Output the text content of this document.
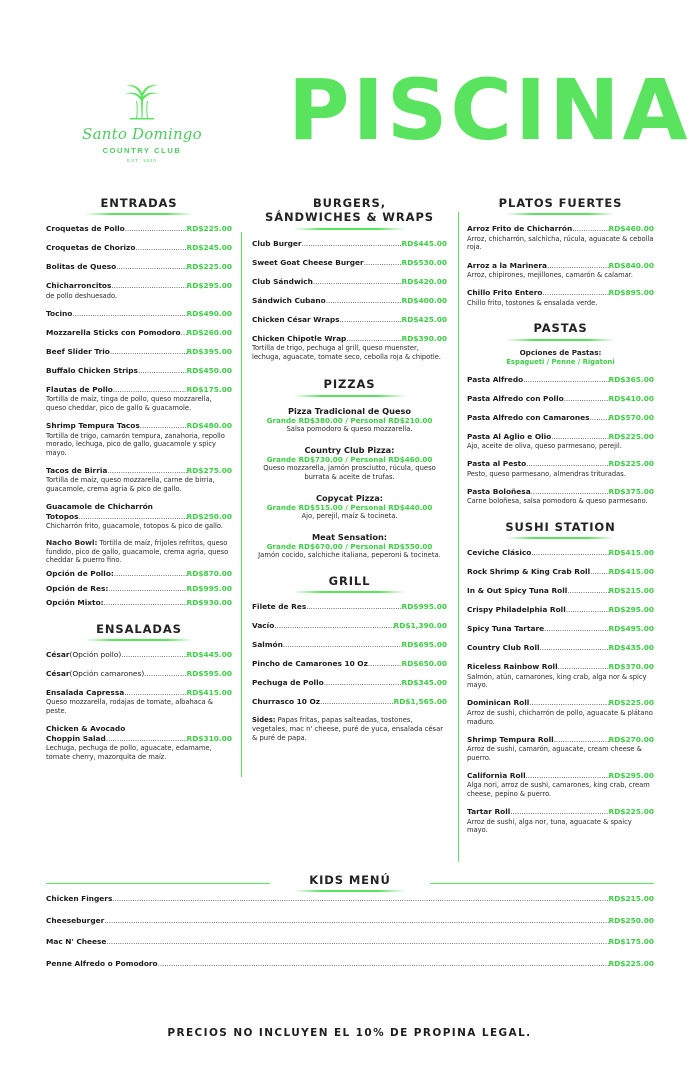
Santo Domingo
COUNTRY CLUB
EST. 1920
PISCINA
ENTRADAS
Croquetas de Pollo .....	RD$225.00
Croquetas de Chorizo .....	RD$245.00
Bolitas de Queso .....	RD$225.00
Chicharroncitos .....	RD$295.00
de pollo deshuesado.
Tocino .....	RD$490.00
Mozzarella Sticks con Pomodoro ..... RD$260.00
Beef Slider Trio .....	RD$395.00
Buffalo Chicken Strips .....	RD$450.00
Flautas de Pollo .....	RD$175.00
Tortilla de maíz, tinga de pollo, queso mozzarella, queso cheddar, pico de gallo & guacamole.
Shrimp Tempura Tacos .....	RD$480.00
Tortilla de trigo, camarón tempura, zanahoria, repollo morado, lechuga, pico de gallo, guacamole y spicy mayo.
Tacos de Birria .....	RD$275.00
Tortilla de maíz, queso mozzarella, carne de birria, guacamole, crema agria & pico de gallo.
Guacamole de Chicharrón
Totopos .....	RD$250.00
Chicharrón frito, guacamole, totopos & pico de gallo.
Nacho Bowl: Tortilla de maíz, frijoles refritos, queso fundido, pico de gallo, guacamole, crema agria, queso cheddar & puerro fino.
Opción de Pollo: .....	RD$870.00
Opción de Res: .....	RD$995.00
Opción Mixto: .....	RD$930.00
ENSALADAS
César (Opción pollo) .....	RD$445.00
César (Opción camarones) .....	RD$595.00
Ensalada Capressa .....	RD$415.00
Queso mozzarella, rodajas de tomate, albahaca & peste.
Chicken & Avocado
Choppin Salad .....	RD$310.00
Lechuga, pechuga de pollo, aguacate, edamame, tomate cherry, mazorquita de maíz.
BURGERS,
SÁNDWICHES & WRAPS
Club Burger .....	RD$445.00
Sweet Goat Cheese Burger .....	RD$530.00
Club Sándwich .....	RD$420.00
Sándwich Cubano .....	RD$400.00
Chicken César Wraps .....	RD$425.00
Chicken Chipotle Wrap .....	RD$390.00
Tortilla de trigo, pechuga al grill, queso muenster, lechuga, aguacate, tomate seco, cebolla roja & chipotle.
PIZZAS
Pizza Tradicional de Queso
Grande RD$380.00 / Personal RD$210.00
Salsa pomodoro & queso mozzarella.
Country Club Pizza:
Grande RD$730.00 / Personal RD$460.00
Queso mozzarella, jamón prosciutto, rúcula, queso burrata & aceite de trufas.
Copycat Pizza:
Grande RD$515.00 / Personal RD$440.00
Ajo, perejil, maíz & tocineta.
Meat Sensation:
Grande RD$670.00 / Personal RD$550.00
Jamón cocido, salchiche italiana, peperoni & tocineta.
GRILL
Filete de Res .....	RD$995.00
Vacío .....	RD$1,390.00
Salmón .....	RD$695.00
Pincho de Camarones 10 Oz .....	RD$650.00
Pechuga de Pollo .....	RD$345.00
Churrasco 10 Oz .....	RD$1,565.00
Sides: Papas fritas, papas salteadas, tostones, vegetales, mac n' cheese, puré de yuca, ensalada césar & puré de papa.
PLATOS FUERTES
Arroz Frito de Chicharrón .....	RD$460.00
Arroz, chicharrón, salchicha, rúcula, aguacate & cebolla roja.
Arroz a la Marinera .....	RD$840.00
Arroz, chipirones, mejillones, camarón & calamar.
Chillo Frito Entero .....	RD$895.00
Chillo frito, tostones & ensalada verde.
PASTAS
Opciones de Pastas:
Espagueti / Penne / Rigatoni
Pasta Alfredo .....	RD$365.00
Pasta Alfredo con Pollo .....	RD$410.00
Pasta Alfredo con Camarones .....	RD$570.00
Pasta Al Aglio e Olio .....	RD$225.00
Ajo, aceite de oliva, queso parmesano, perejil.
Pasta al Pesto .....	RD$225.00
Pesto, queso parmesano, almendras trituradas.
Pasta Boloñesa .....	RD$375.00
Carne boloñesa, salsa pomodoro & queso parmesano.
SUSHI STATION
Ceviche Clásico .....	RD$415.00
Rock Shrimp & King Crab Roll ..... RD$415.00
In & Out Spicy Tuna Roll .....	RD$215.00
Crispy Philadelphia Roll .....	RD$295.00
Spicy Tuna Tartare .....	RD$495.00
Country Club Roll .....	RD$435.00
Riceless Rainbow Roll .....	RD$370.00
Salmón, atún, camarones, king crab, alga nor & spicy mayo.
Dominican Roll .....	RD$225.00
Arroz de sushi, chicharrón de pollo, aguacate & plátano maduro.
Shrimp Tempura Roll .....	RD$270.00
Arroz de sushi, camarón, aguacate, cream cheese & puerro.
California Roll .....	RD$295.00
Alga nori, arroz de sushi, camarones, king crab, cream cheese, pepino & puerro.
Tartar Roll .....	RD$225.00
Arroz de sushi, alga nor, tuna, aguacate & spaicy mayo.
KIDS MENÚ
Chicken Fingers .....	RD$215.00
Cheeseburger .....	RD$250.00
Mac N' Cheese .....	RD$175.00
Penne Alfredo o Pomodoro .....	RD$225.00
PRECIOS NO INCLUYEN EL 10% DE PROPINA LEGAL.
